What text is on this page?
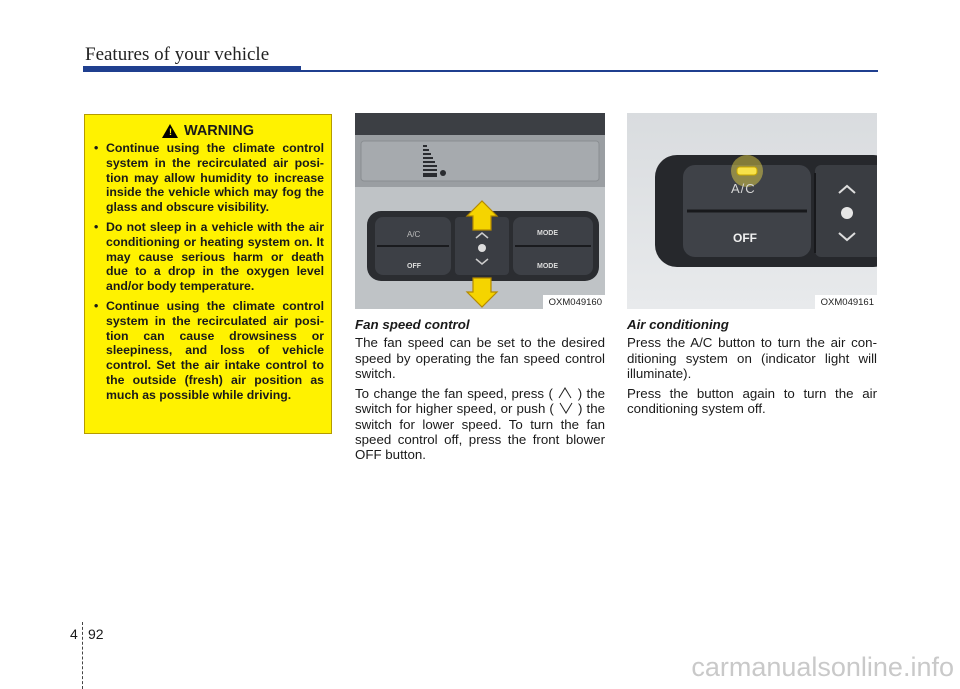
Features of your vehicle
! WARNING
• Continue using the climate control system in the recirculated air position may allow humidity to increase inside the vehicle which may fog the glass and obscure visibility.
• Do not sleep in a vehicle with the air conditioning or heating system on. It may cause serious harm or death due to a drop in the oxygen level and/or body temperature.
• Continue using the climate control system in the recirculated air position can cause drowsiness or sleepiness, and loss of vehicle control. Set the air intake control to the outside (fresh) air position as much as possible while driving.
A/C
OFF
MODE
MODE
OXM049160
A/C
OFF
OXM049161
Fan speed control

The fan speed can be set to the desired speed by operating the fan speed control switch.

To change the fan speed, press ( ) the switch for higher speed, or push ( ) the switch for lower speed. To turn the fan speed control off, press the front blower OFF button.

Air conditioning

Press the A/C button to turn the air conditioning system on (indicator light will illuminate).

Press the button again to turn the air conditioning system off.

4 92
carmanualsonline.info
